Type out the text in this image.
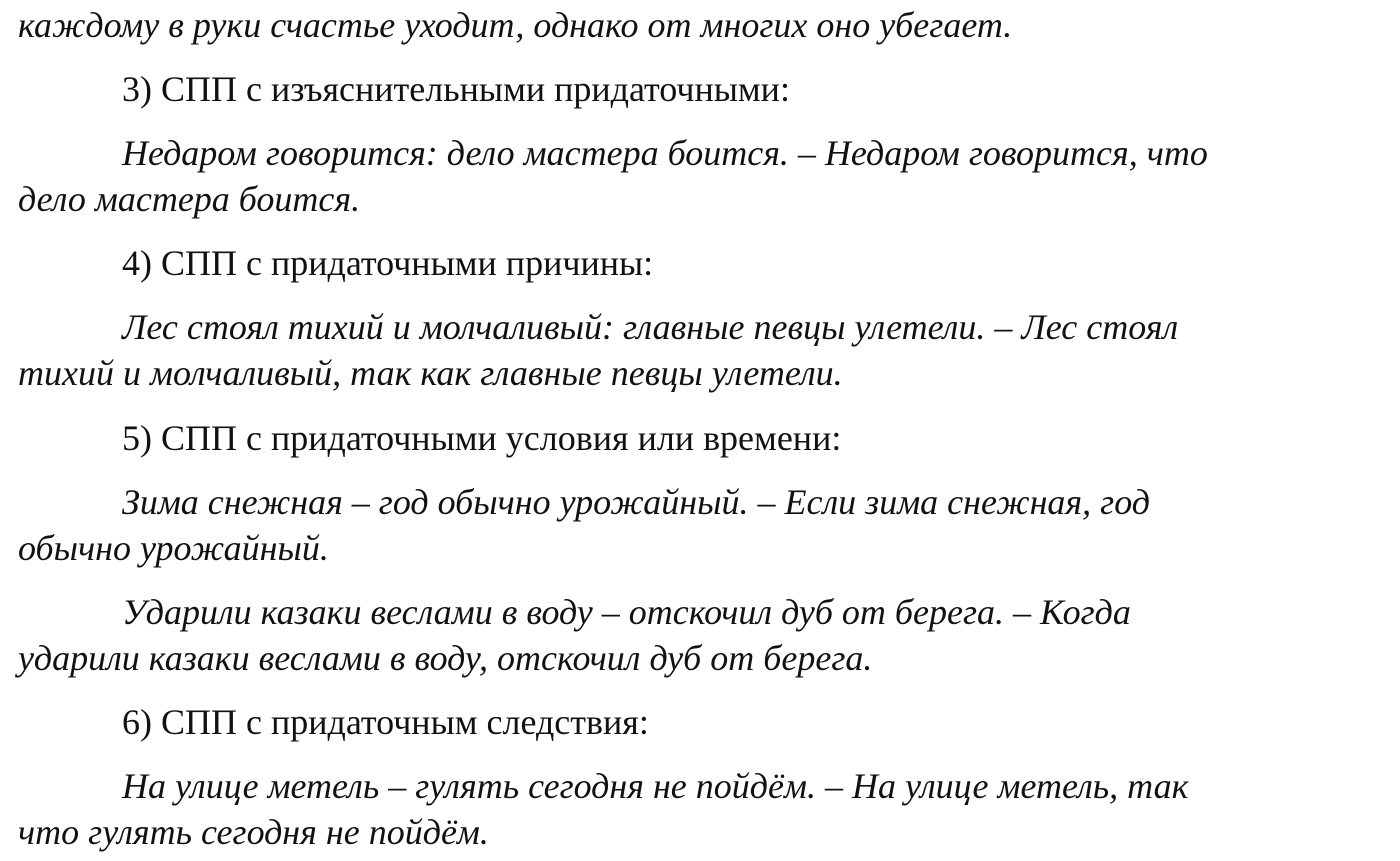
каждому в руки счастье уходит, однако от многих оно убегает.
3) СПП с изъяснительными придаточными:
Недаром говорится: дело мастера боится. – Недаром говорится, что
дело мастера боится.
4) СПП с придаточными причины:
Лес стоял тихий и молчаливый: главные певцы улетели. – Лес стоял
тихий и молчаливый, так как главные певцы улетели.
5) СПП с придаточными условия или времени:
Зима снежная – год обычно урожайный. – Если зима снежная, год
обычно урожайный.
Ударили казаки веслами в воду – отскочил дуб от берега. – Когда
ударили казаки веслами в воду, отскочил дуб от берега.
6) СПП с придаточным следствия:
На улице метель – гулять сегодня не пойдём. – На улице метель, так
что гулять сегодня не пойдём.
